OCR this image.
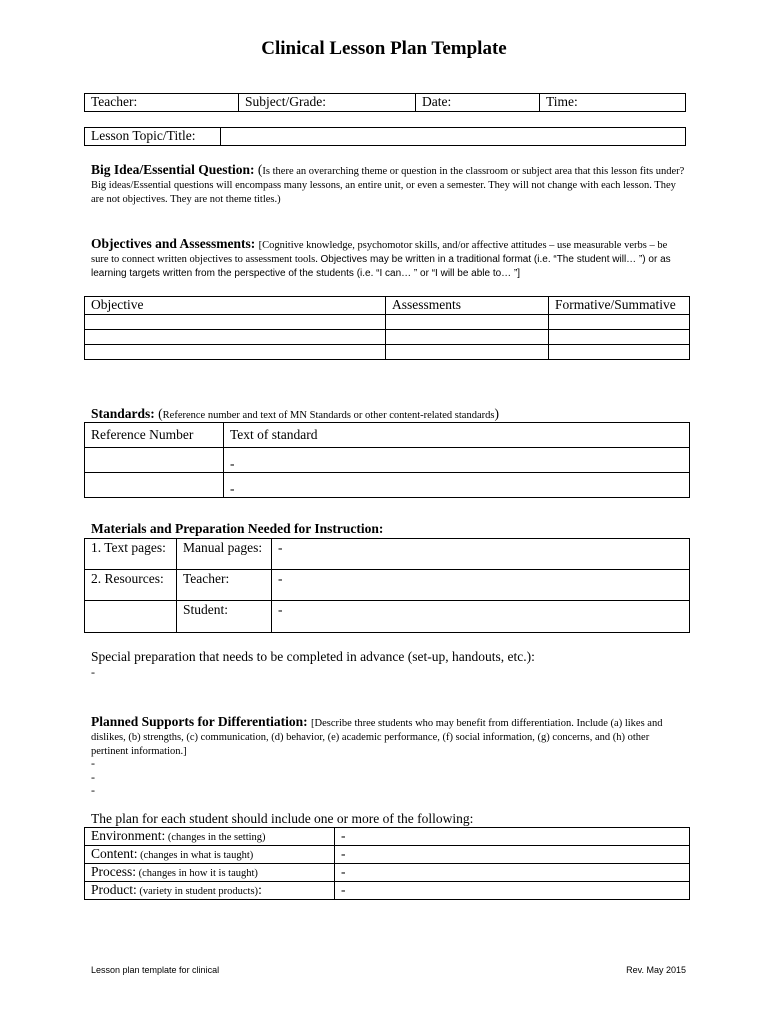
Clinical Lesson Plan Template
Teacher:	Subject/Grade:	Date:	Time:
Lesson Topic/Title:	
Big Idea/Essential Question: (Is there an overarching theme or question in the classroom or subject area that this lesson fits under? Big ideas/Essential questions will encompass many lessons, an entire unit, or even a semester. They will not change with each lesson. They are not objectives. They are not theme titles.)
Objectives and Assessments: [Cognitive knowledge, psychomotor skills, and/or affective attitudes – use measurable verbs – be sure to connect written objectives to assessment tools. Objectives may be written in a traditional format (i.e. “The student will… ”) or as learning targets written from the perspective of the students (i.e. “I can… ” or “I will be able to… ”]
Objective	Assessments	Formative/Summative

Standards: (Reference number and text of MN Standards or other content-related standards)
Reference Number	Text of standard
	-
	-
Materials and Preparation Needed for Instruction:
1. Text pages:	Manual pages:	-
2. Resources:	Teacher:	-
	Student:	-
Special preparation that needs to be completed in advance (set-up, handouts, etc.):
-
Planned Supports for Differentiation: [Describe three students who may benefit from differentiation. Include (a) likes and dislikes, (b) strengths, (c) communication, (d) behavior, (e) academic performance, (f) social information, (g) concerns, and (h) other pertinent information.]
-
-
-
The plan for each student should include one or more of the following:
Environment: (changes in the setting)	-
Content: (changes in what is taught)	-
Process: (changes in how it is taught)	-
Product: (variety in student products):	-
Lesson plan template for clinical	Rev. May 2015
